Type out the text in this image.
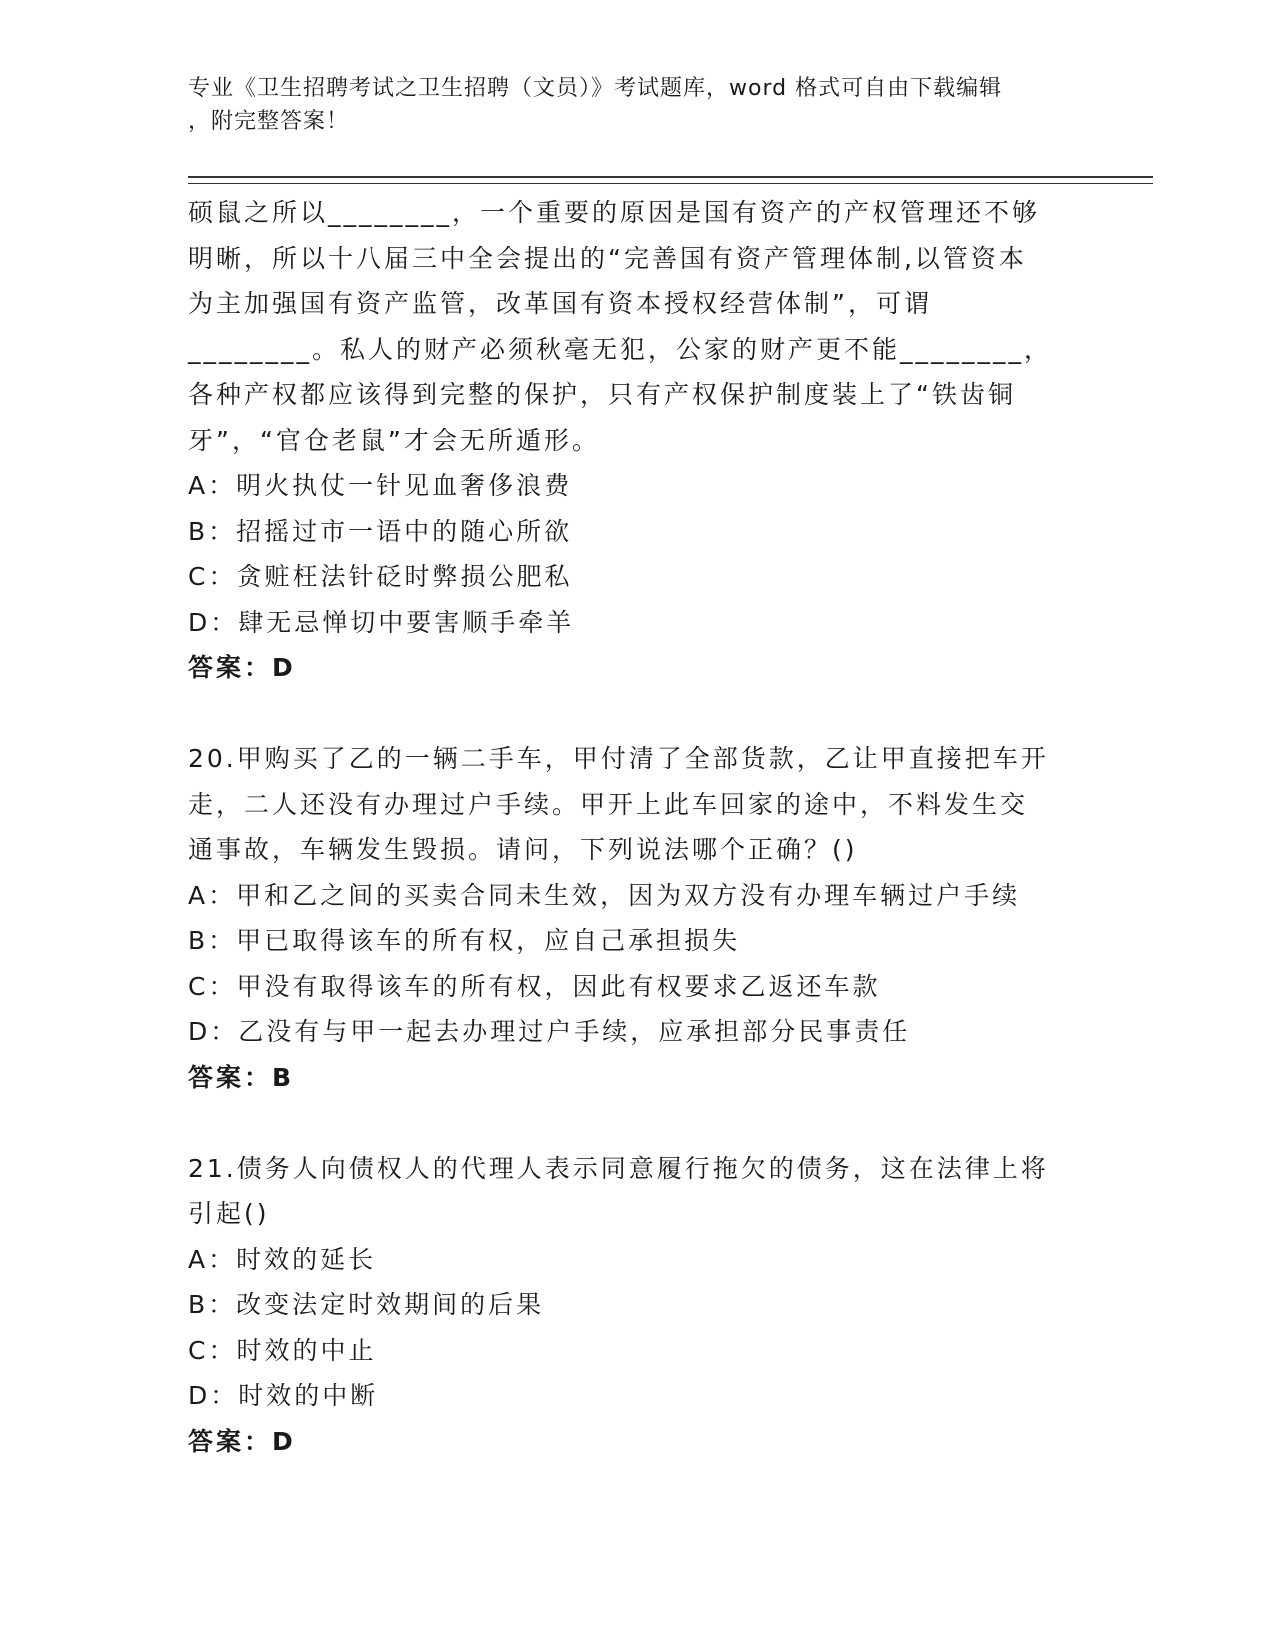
专业《卫生招聘考试之卫生招聘（文员）》考试题库，word 格式可自由下载编辑
，附完整答案！
硕鼠之所以________，一个重要的原因是国有资产的产权管理还不够
明晰，所以十八届三中全会提出的“完善国有资产管理体制,以管资本
为主加强国有资产监管，改革国有资本授权经营体制”，可谓
________。私人的财产必须秋毫无犯，公家的财产更不能________，
各种产权都应该得到完整的保护，只有产权保护制度装上了“铁齿铜
牙”，“官仓老鼠”才会无所遁形。
A：明火执仗一针见血奢侈浪费
B：招摇过市一语中的随心所欲
C：贪赃枉法针砭时弊损公肥私
D：肆无忌惮切中要害顺手牵羊
答案：D
20.甲购买了乙的一辆二手车，甲付清了全部货款，乙让甲直接把车开
走，二人还没有办理过户手续。甲开上此车回家的途中，不料发生交
通事故，车辆发生毁损。请问，下列说法哪个正确？()
A：甲和乙之间的买卖合同未生效，因为双方没有办理车辆过户手续
B：甲已取得该车的所有权，应自己承担损失
C：甲没有取得该车的所有权，因此有权要求乙返还车款
D：乙没有与甲一起去办理过户手续，应承担部分民事责任
答案：B
21.债务人向债权人的代理人表示同意履行拖欠的债务，这在法律上将
引起()
A：时效的延长
B：改变法定时效期间的后果
C：时效的中止
D：时效的中断
答案：D
